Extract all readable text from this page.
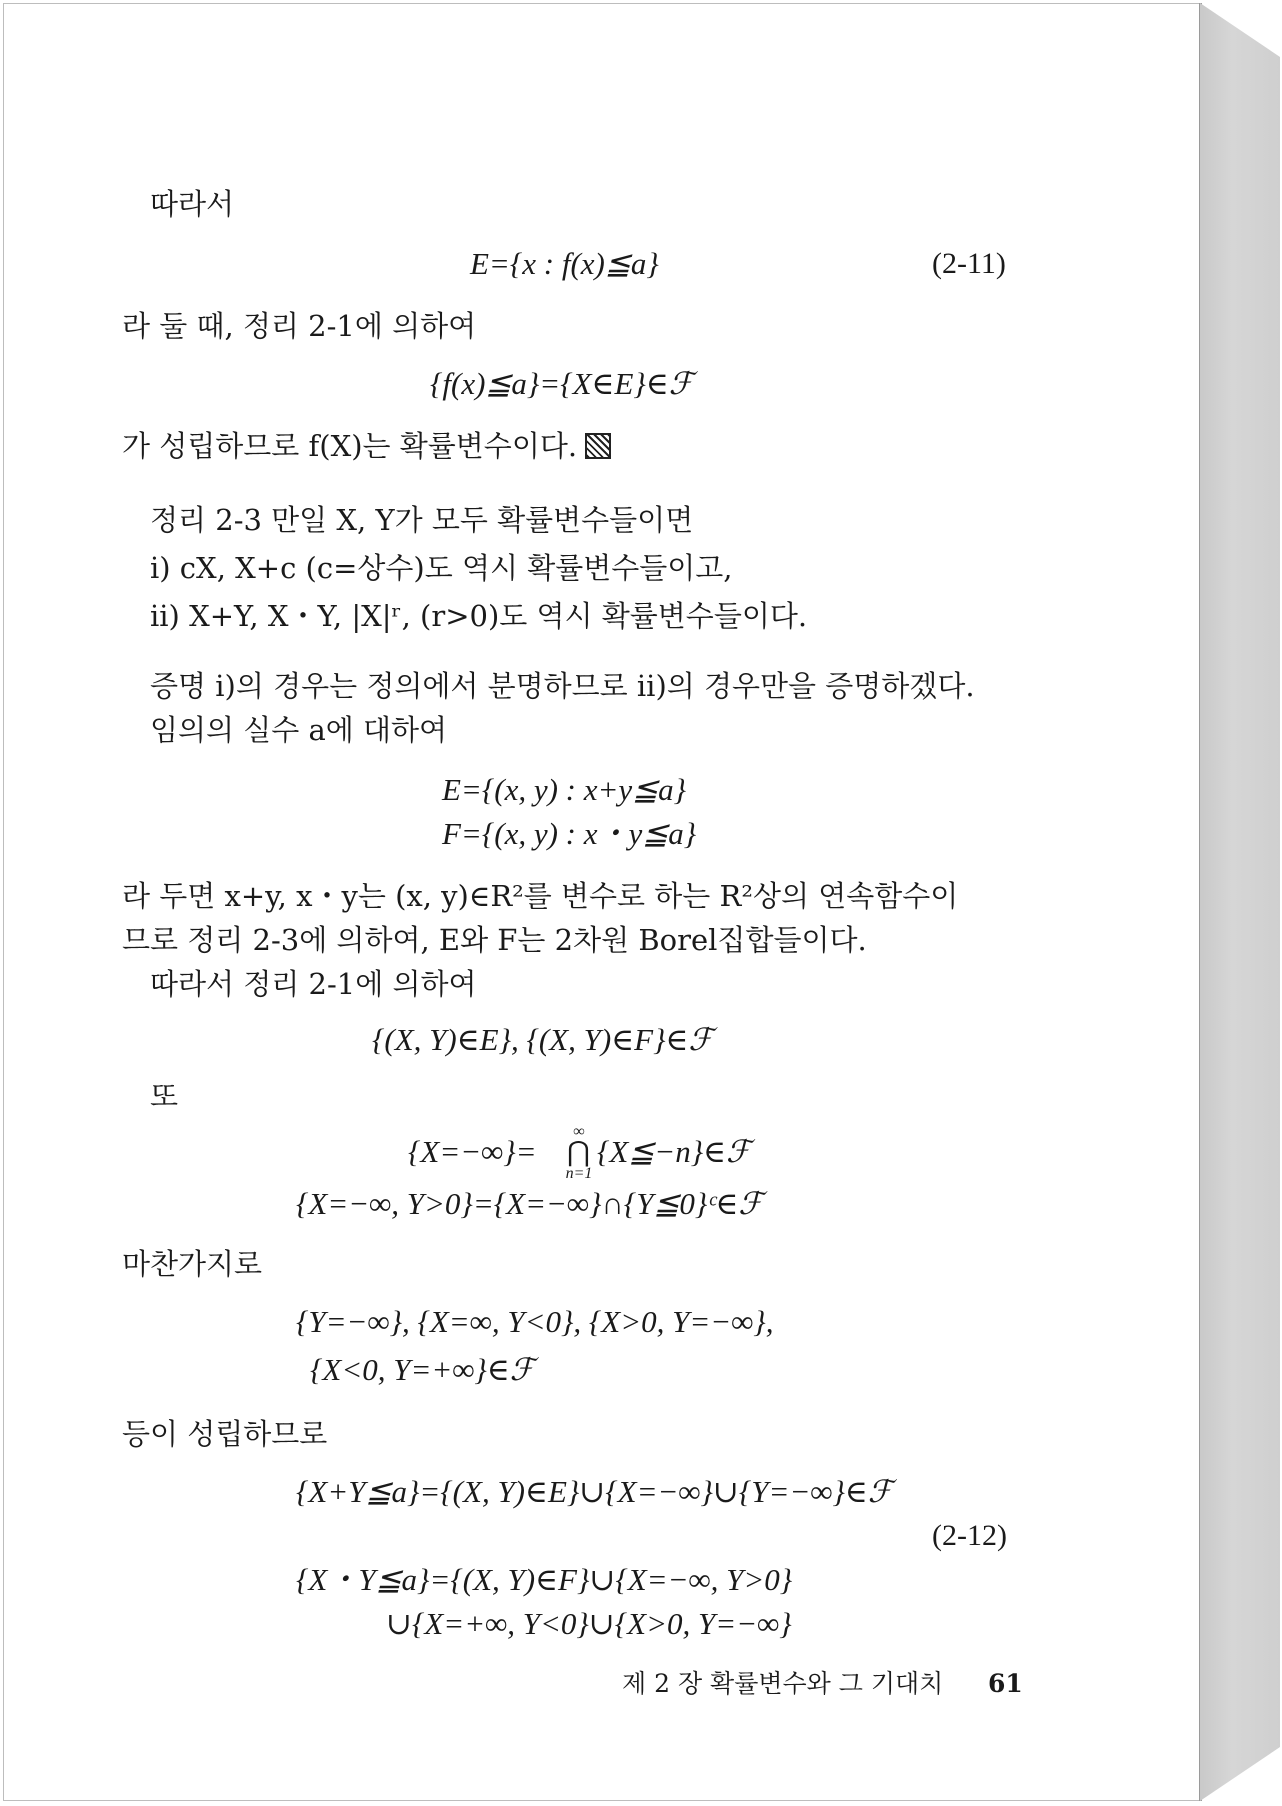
따라서
E={x : f(x)≦a}	(2-11)
라 둘 때, 정리 2-1에 의하여
{f(x)≦a}={X∈E}∈ℱ
가 성립하므로 f(X)는 확률변수이다.
정리 2-3 만일 X, Y가 모두 확률변수들이면
i) cX, X+c (c=상수)도 역시 확률변수들이고,
ii) X+Y, X・Y, |X|ʳ, (r>0)도 역시 확률변수들이다.
증명 i)의 경우는 정의에서 분명하므로 ii)의 경우만을 증명하겠다.
임의의 실수 a에 대하여
E={(x, y) : x+y≦a}
F={(x, y) : x・y≦a}
라 두면 x+y, x・y는 (x, y)∈R²를 변수로 하는 R²상의 연속함수이
므로 정리 2-3에 의하여, E와 F는 2차원 Borel집합들이다.
따라서 정리 2-1에 의하여
{(X, Y)∈E}, {(X, Y)∈F}∈ℱ
또
{X=−∞}=
∞
⋂
n=1
{X≦−n}∈ℱ
{X=−∞, Y>0}={X=−∞}∩{Y≦0}ᶜ∈ℱ
마찬가지로
{Y=−∞}, {X=∞, Y<0}, {X>0, Y=−∞},
{X<0, Y=+∞}∈ℱ
등이 성립하므로
{X+Y≦a}={(X, Y)∈E}∪{X=−∞}∪{Y=−∞}∈ℱ
(2-12)
{X・Y≦a}={(X, Y)∈F}∪{X=−∞, Y>0}
∪{X=+∞, Y<0}∪{X>0, Y=−∞}
제 2 장 확률변수와 그 기대치 61
